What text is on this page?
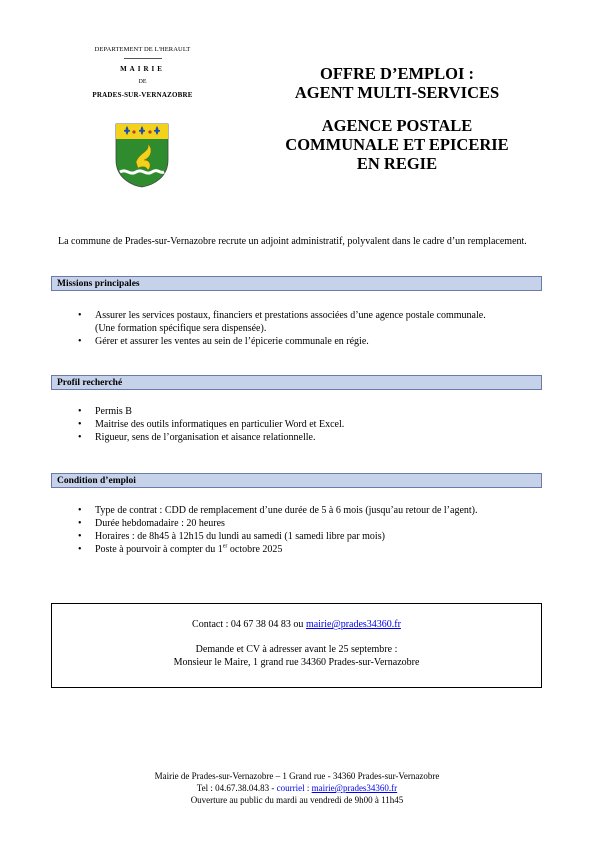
DEPARTEMENT DE L'HERAULT
MAIRIE
DE
PRADES-SUR-VERNAZOBRE
OFFRE D’EMPLOI :
AGENT MULTI-SERVICES
AGENCE POSTALE
COMMUNALE ET EPICERIE
EN REGIE
La commune de Prades-sur-Vernazobre recrute un adjoint administratif, polyvalent dans le cadre d’un remplacement.
Missions principales
• Assurer les services postaux, financiers et prestations associées d’une agence postale communale. (Une formation spécifique sera dispensée).
• Gérer et assurer les ventes au sein de l’épicerie communale en régie.
Profil recherché
• Permis B
• Maitrise des outils informatiques en particulier Word et Excel.
• Rigueur, sens de l’organisation et aisance relationnelle.
Condition d’emploi
• Type de contrat : CDD de remplacement d’une durée de 5 à 6 mois (jusqu’au retour de l’agent).
• Durée hebdomadaire : 20 heures
• Horaires : de 8h45 à 12h15 du lundi au samedi (1 samedi libre par mois)
• Poste à pourvoir à compter du 1er octobre 2025
Contact : 04 67 38 04 83 ou mairie@prades34360.fr
Demande et CV à adresser avant le 25 septembre :
Monsieur le Maire, 1 grand rue 34360 Prades-sur-Vernazobre
Mairie de Prades-sur-Vernazobre – 1 Grand rue - 34360 Prades-sur-Vernazobre
Tel : 04.67.38.04.83 - courriel : mairie@prades34360.fr
Ouverture au public du mardi au vendredi de 9h00 à 11h45
